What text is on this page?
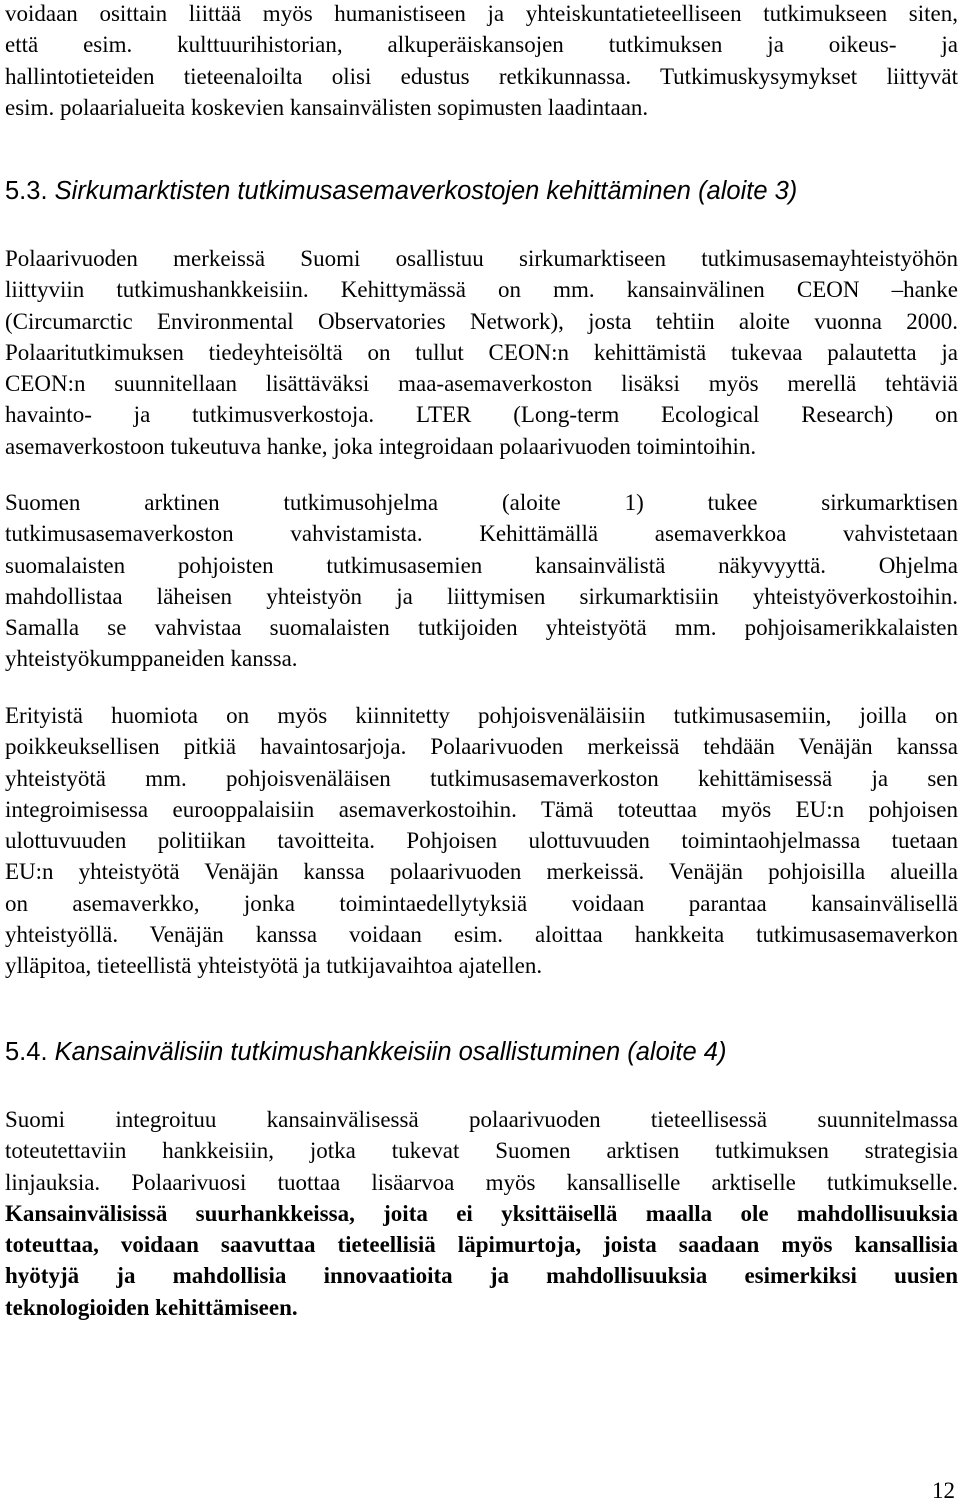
voidaan osittain liittää myös humanistiseen ja yhteiskuntatieteelliseen tutkimukseen siten,
että esim. kulttuurihistorian, alkuperäiskansojen tutkimuksen ja oikeus- ja
hallintotieteiden tieteenaloilta olisi edustus retkikunnassa. Tutkimuskysymykset liittyvät
esim. polaarialueita koskevien kansainvälisten sopimusten laadintaan.
5.3. Sirkumarktisten tutkimusasemaverkostojen kehittäminen (aloite 3)
Polaarivuoden merkeissä Suomi osallistuu sirkumarktiseen tutkimusasemayhteistyöhön
liittyviin tutkimushankkeisiin. Kehittymässä on mm. kansainvälinen CEON –hanke
(Circumarctic Environmental Observatories Network), josta tehtiin aloite vuonna 2000.
Polaaritutkimuksen tiedeyhteisöltä on tullut CEON:n kehittämistä tukevaa palautetta ja
CEON:n suunnitellaan lisättäväksi maa-asemaverkoston lisäksi myös merellä tehtäviä
havainto- ja tutkimusverkostoja. LTER (Long-term Ecological Research) on
asemaverkostoon tukeutuva hanke, joka integroidaan polaarivuoden toimintoihin.
Suomen arktinen tutkimusohjelma (aloite 1) tukee sirkumarktisen
tutkimusasemaverkoston vahvistamista. Kehittämällä asemaverkkoa vahvistetaan
suomalaisten pohjoisten tutkimusasemien kansainvälistä näkyvyyttä. Ohjelma
mahdollistaa läheisen yhteistyön ja liittymisen sirkumarktisiin yhteistyöverkostoihin.
Samalla se vahvistaa suomalaisten tutkijoiden yhteistyötä mm. pohjoisamerikkalaisten
yhteistyökumppaneiden kanssa.
Erityistä huomiota on myös kiinnitetty pohjoisvenäläisiin tutkimusasemiin, joilla on
poikkeuksellisen pitkiä havaintosarjoja. Polaarivuoden merkeissä tehdään Venäjän kanssa
yhteistyötä mm. pohjoisvenäläisen tutkimusasemaverkoston kehittämisessä ja sen
integroimisessa eurooppalaisiin asemaverkostoihin. Tämä toteuttaa myös EU:n pohjoisen
ulottuvuuden politiikan tavoitteita. Pohjoisen ulottuvuuden toimintaohjelmassa tuetaan
EU:n yhteistyötä Venäjän kanssa polaarivuoden merkeissä. Venäjän pohjoisilla alueilla
on asemaverkko, jonka toimintaedellytyksiä voidaan parantaa kansainvälisellä
yhteistyöllä. Venäjän kanssa voidaan esim. aloittaa hankkeita tutkimusasemaverkon
ylläpitoa, tieteellistä yhteistyötä ja tutkijavaihtoa ajatellen.
5.4. Kansainvälisiin tutkimushankkeisiin osallistuminen (aloite 4)
Suomi integroituu kansainvälisessä polaarivuoden tieteellisessä suunnitelmassa
toteutettaviin hankkeisiin, jotka tukevat Suomen arktisen tutkimuksen strategisia
linjauksia. Polaarivuosi tuottaa lisäarvoa myös kansalliselle arktiselle tutkimukselle.
Kansainvälisissä suurhankkeissa, joita ei yksittäisellä maalla ole mahdollisuuksia
toteuttaa, voidaan saavuttaa tieteellisiä läpimurtoja, joista saadaan myös kansallisia
hyötyjä ja mahdollisia innovaatioita ja mahdollisuuksia esimerkiksi uusien
teknologioiden kehittämiseen.
12
